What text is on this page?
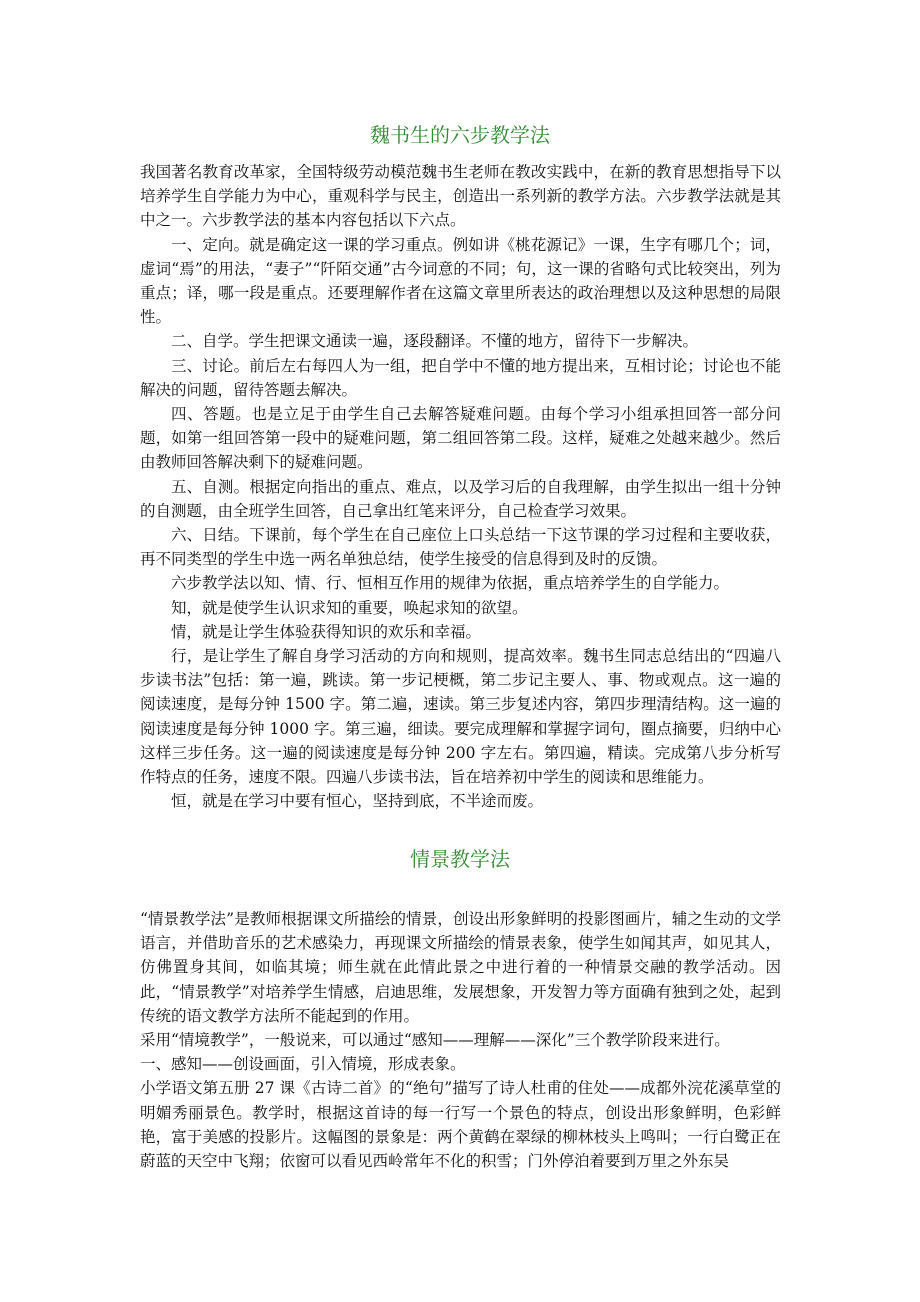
魏书生的六步教学法

我国著名教育改革家，全国特级劳动模范魏书生老师在教改实践中，在新的教育思想指导下以培养学生自学能力为中心，重观科学与民主，创造出一系列新的教学方法。六步教学法就是其中之一。六步教学法的基本内容包括以下六点。

一、定向。就是确定这一课的学习重点。例如讲《桃花源记》一课，生字有哪几个；词，虚词“焉”的用法，“妻子”“阡陌交通”古今词意的不同；句，这一课的省略句式比较突出，列为重点；译，哪一段是重点。还要理解作者在这篇文章里所表达的政治理想以及这种思想的局限性。

二、自学。学生把课文通读一遍，逐段翻译。不懂的地方，留待下一步解决。

三、讨论。前后左右每四人为一组，把自学中不懂的地方提出来，互相讨论；讨论也不能解决的问题，留待答题去解决。

四、答题。也是立足于由学生自己去解答疑难问题。由每个学习小组承担回答一部分问题，如第一组回答第一段中的疑难问题，第二组回答第二段。这样，疑难之处越来越少。然后由教师回答解决剩下的疑难问题。

五、自测。根据定向指出的重点、难点，以及学习后的自我理解，由学生拟出一组十分钟的自测题，由全班学生回答，自己拿出红笔来评分，自己检查学习效果。

六、日结。下课前，每个学生在自己座位上口头总结一下这节课的学习过程和主要收获，再不同类型的学生中选一两名单独总结，使学生接受的信息得到及时的反馈。

六步教学法以知、情、行、恒相互作用的规律为依据，重点培养学生的自学能力。

知，就是使学生认识求知的重要，唤起求知的欲望。

情，就是让学生体验获得知识的欢乐和幸福。

行，是让学生了解自身学习活动的方向和规则，提高效率。魏书生同志总结出的“四遍八步读书法”包括：第一遍，跳读。第一步记梗概，第二步记主要人、事、物或观点。这一遍的阅读速度，是每分钟 1500 字。第二遍，速读。第三步复述内容，第四步理清结构。这一遍的阅读速度是每分钟 1000 字。第三遍，细读。要完成理解和掌握字词句，圈点摘要，归纳中心这样三步任务。这一遍的阅读速度是每分钟 200 字左右。第四遍，精读。完成第八步分析写作特点的任务，速度不限。四遍八步读书法，旨在培养初中学生的阅读和思维能力。

恒，就是在学习中要有恒心，坚持到底，不半途而废。

情景教学法

“情景教学法”是教师根据课文所描绘的情景，创设出形象鲜明的投影图画片，辅之生动的文学语言，并借助音乐的艺术感染力，再现课文所描绘的情景表象，使学生如闻其声，如见其人，仿佛置身其间，如临其境；师生就在此情此景之中进行着的一种情景交融的教学活动。因此，“情景教学”对培养学生情感，启迪思维，发展想象，开发智力等方面确有独到之处，起到传统的语文教学方法所不能起到的作用。

采用“情境教学”，一般说来，可以通过“感知——理解——深化”三个教学阶段来进行。

一、感知——创设画面，引入情境，形成表象。

小学语文第五册 27 课《古诗二首》的“绝句”描写了诗人杜甫的住处——成都外浣花溪草堂的明媚秀丽景色。教学时，根据这首诗的每一行写一个景色的特点，创设出形象鲜明，色彩鲜艳，富于美感的投影片。这幅图的景象是：两个黄鹤在翠绿的柳林枝头上鸣叫；一行白鹭正在蔚蓝的天空中飞翔；依窗可以看见西岭常年不化的积雪；门外停泊着要到万里之外东吴
